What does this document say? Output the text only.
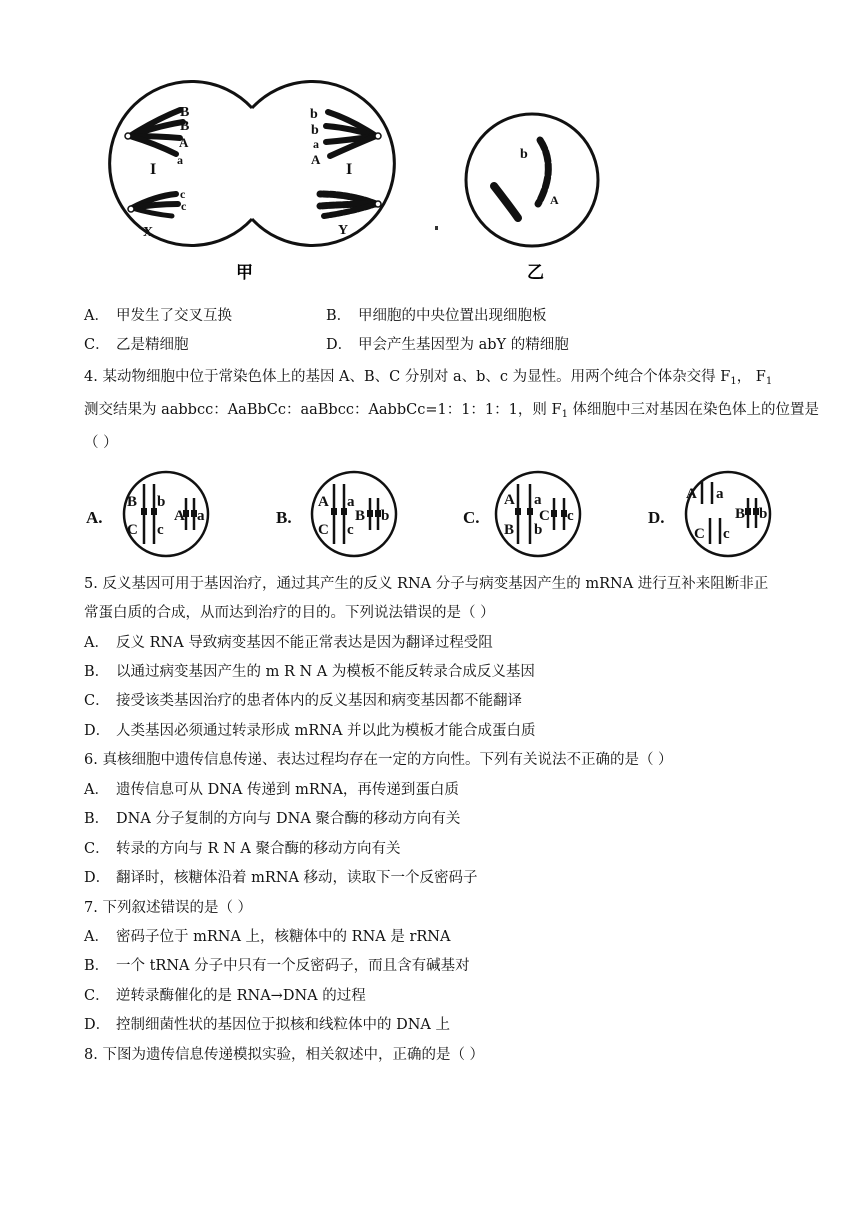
B
B
A
a
I
c
c
X
b
b
a
A
I
Y
甲
b
A
乙
A． 甲发生了交叉互换	B． 甲细胞的中央位置出现细胞板
C． 乙是精细胞	D． 甲会产生基因型为 abY 的精细胞
4. 某动物细胞中位于常染色体上的基因 A、B、C 分别对 a、b、c 为显性。用两个纯合个体杂交得 $F_1$， $F_1$
测交结果为 aabbcc：AaBbCc：aaBbcc：AabbCc=1：1：1：1，则 $F_1$ 体细胞中三对基因在染色体上的位置是
（ ）
A.
B b
C c
A a	B.
A a
C c
B b	C.
A a
B b
C c	D.
A a
B b
C c
5. 反义基因可用于基因治疗，通过其产生的反义 RNA 分子与病变基因产生的 mRNA 进行互补来阻断非正
常蛋白质的合成，从而达到治疗的目的。下列说法错误的是（ ）
A． 反义 RNA 导致病变基因不能正常表达是因为翻译过程受阻
B． 以通过病变基因产生的 m R N A 为模板不能反转录合成反义基因
C． 接受该类基因治疗的患者体内的反义基因和病变基因都不能翻译
D． 人类基因必须通过转录形成 mRNA 并以此为模板才能合成蛋白质
6. 真核细胞中遗传信息传递、表达过程均存在一定的方向性。下列有关说法不正确的是（ ）
A． 遗传信息可从 DNA 传递到 mRNA，再传递到蛋白质
B． DNA 分子复制的方向与 DNA 聚合酶的移动方向有关
C． 转录的方向与 R N A 聚合酶的移动方向有关
D． 翻译时，核糖体沿着 mRNA 移动，读取下一个反密码子
7. 下列叙述错误的是（ ）
A． 密码子位于 mRNA 上，核糖体中的 RNA 是 rRNA
B． 一个 tRNA 分子中只有一个反密码子，而且含有碱基对
C． 逆转录酶催化的是 RNA→DNA 的过程
D． 控制细菌性状的基因位于拟核和线粒体中的 DNA 上
8. 下图为遗传信息传递模拟实验，相关叙述中，正确的是（ ）
